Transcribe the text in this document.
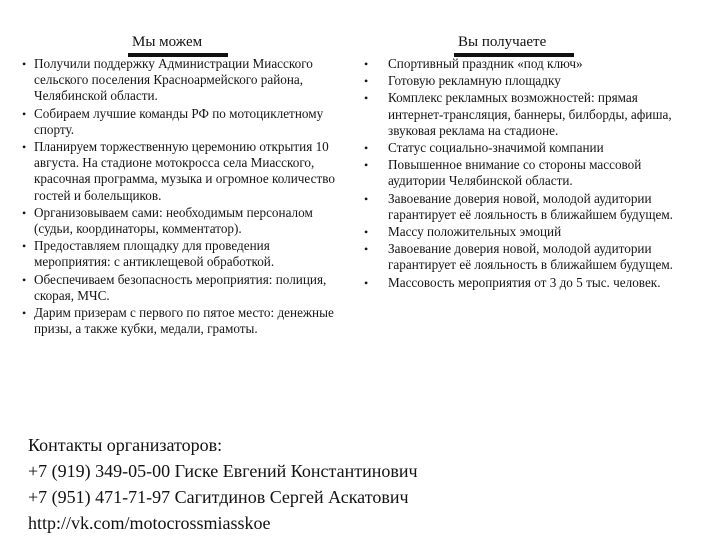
Мы можем	Вы получаете
• Получили поддержку Администрации Миасского сельского поселения Красноармейского района, Челябинской области.
• Собираем лучшие команды РФ по мотоциклетному спорту.
• Планируем торжественную церемонию открытия 10 августа. На стадионе мотокросса села Миасского, красочная программа, музыка и огромное количество гостей и болельщиков.
• Организовываем сами: необходимым персоналом (судьи, координаторы, комментатор).
• Предоставляем площадку для проведения мероприятия: с антиклещевой обработкой.
• Обеспечиваем безопасность мероприятия: полиция, скорая, МЧС.
• Дарим призерам с первого по пятое место: денежные призы, а также кубки, медали, грамоты.
• Спортивный праздник «под ключ»
• Готовую рекламную площадку
• Комплекс рекламных возможностей: прямая интернет-трансляция, баннеры, билборды, афиша, звуковая реклама на стадионе.
• Статус социально-значимой компании
• Повышенное внимание со стороны массовой аудитории Челябинской области.
• Завоевание доверия новой, молодой аудитории гарантирует её лояльность в ближайшем будущем.
• Массу положительных эмоций
• Завоевание доверия новой, молодой аудитории гарантирует её лояльность в ближайшем будущем.
• Массовость мероприятия от 3 до 5 тыс. человек.
Контакты организаторов:
+7 (919) 349-05-00 Гиске Евгений Константинович
+7 (951) 471-71-97 Сагитдинов Сергей Аскатович
http://vk.com/motocrossmiasskoe
